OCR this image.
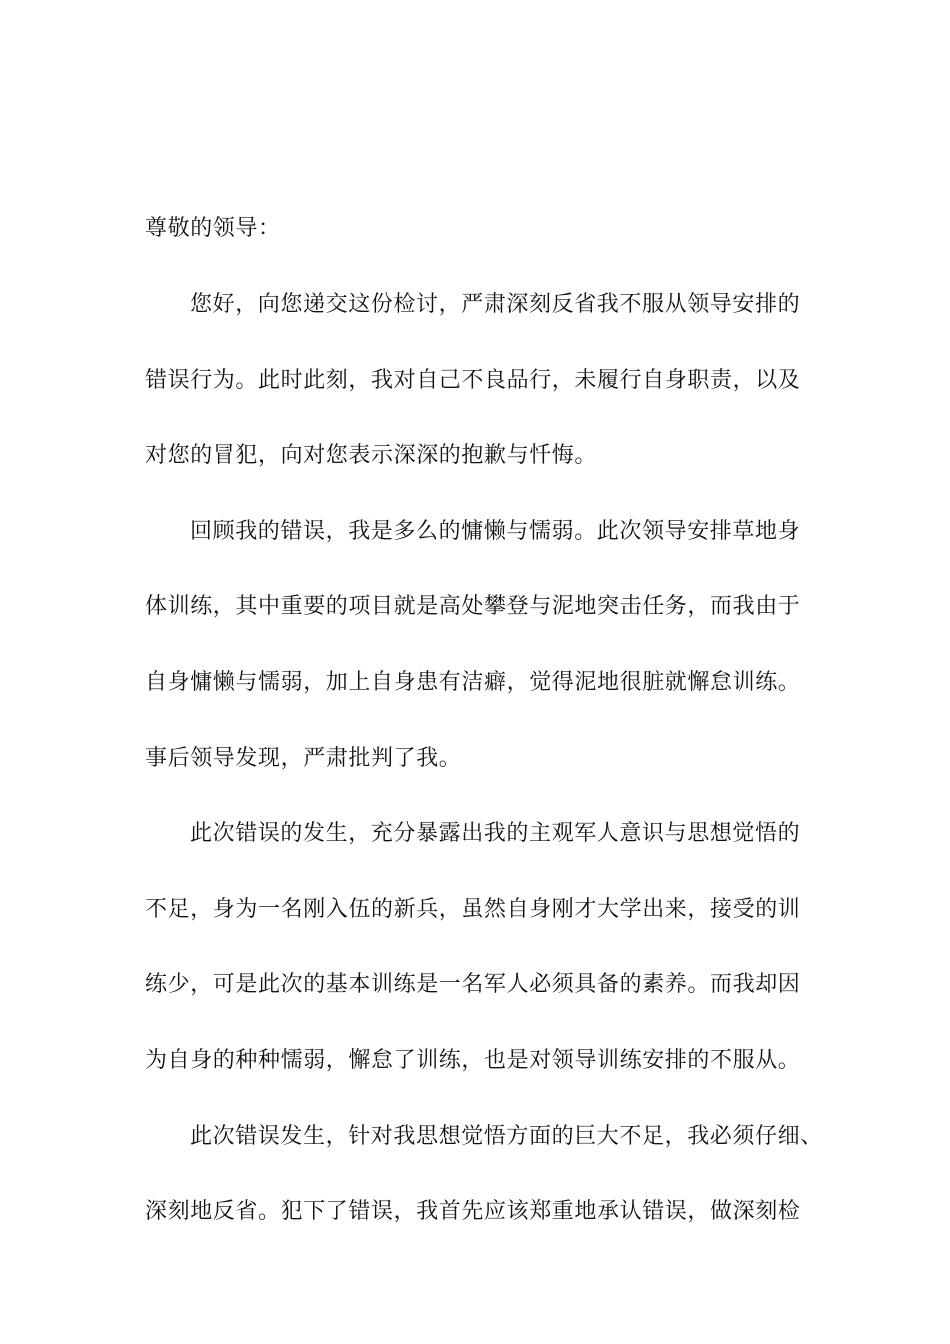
尊敬的领导：
您好，向您递交这份检讨，严肃深刻反省我不服从领导安排的
错误行为。此时此刻，我对自己不良品行，未履行自身职责，以及
对您的冒犯，向对您表示深深的抱歉与忏悔。
回顾我的错误，我是多么的慵懒与懦弱。此次领导安排草地身
体训练，其中重要的项目就是高处攀登与泥地突击任务，而我由于
自身慵懒与懦弱，加上自身患有洁癖，觉得泥地很脏就懈怠训练。
事后领导发现，严肃批判了我。
此次错误的发生，充分暴露出我的主观军人意识与思想觉悟的
不足，身为一名刚入伍的新兵，虽然自身刚才大学出来，接受的训
练少，可是此次的基本训练是一名军人必须具备的素养。而我却因
为自身的种种懦弱，懈怠了训练，也是对领导训练安排的不服从。
此次错误发生，针对我思想觉悟方面的巨大不足，我必须仔细、
深刻地反省。犯下了错误，我首先应该郑重地承认错误，做深刻检
